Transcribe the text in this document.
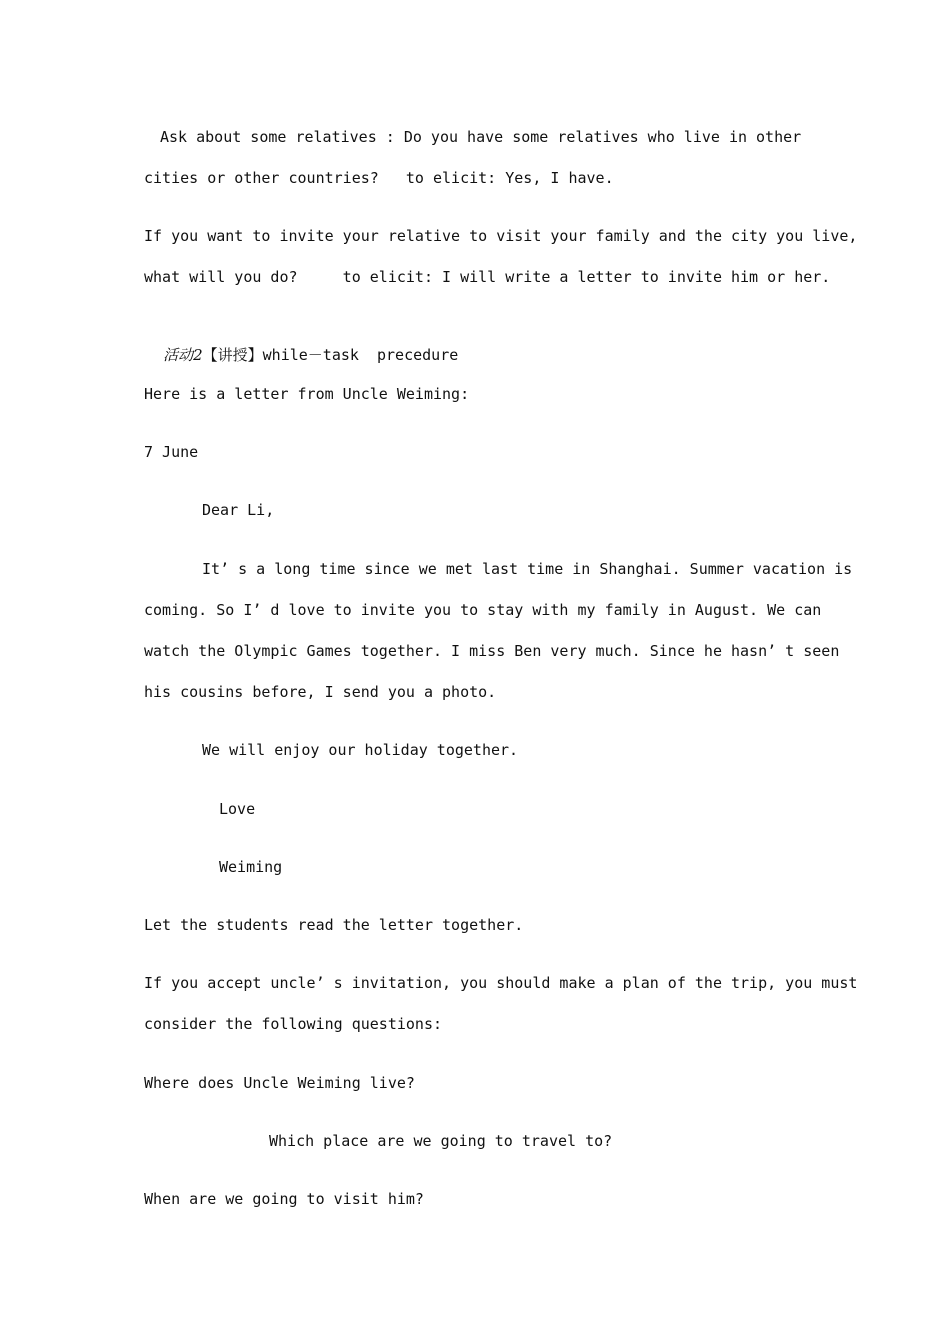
Ask about some relatives : Do you have some relatives who live in other
cities or other countries?   to elicit: Yes, I have.
If you want to invite your relative to visit your family and the city you live,
what will you do?     to elicit: I will write a letter to invite him or her.

活动2【讲授】while－task  precedure

Here is a letter from Uncle Weiming:
7 June
Dear Li,
It’ s a long time since we met last time in Shanghai. Summer vacation is
coming. So I’ d love to invite you to stay with my family in August. We can
watch the Olympic Games together. I miss Ben very much. Since he hasn’ t seen
his cousins before, I send you a photo.
We will enjoy our holiday together.
Love
Weiming
Let the students read the letter together.
If you accept uncle’ s invitation, you should make a plan of the trip, you must
consider the following questions:
Where does Uncle Weiming live?
Which place are we going to travel to?
When are we going to visit him?
